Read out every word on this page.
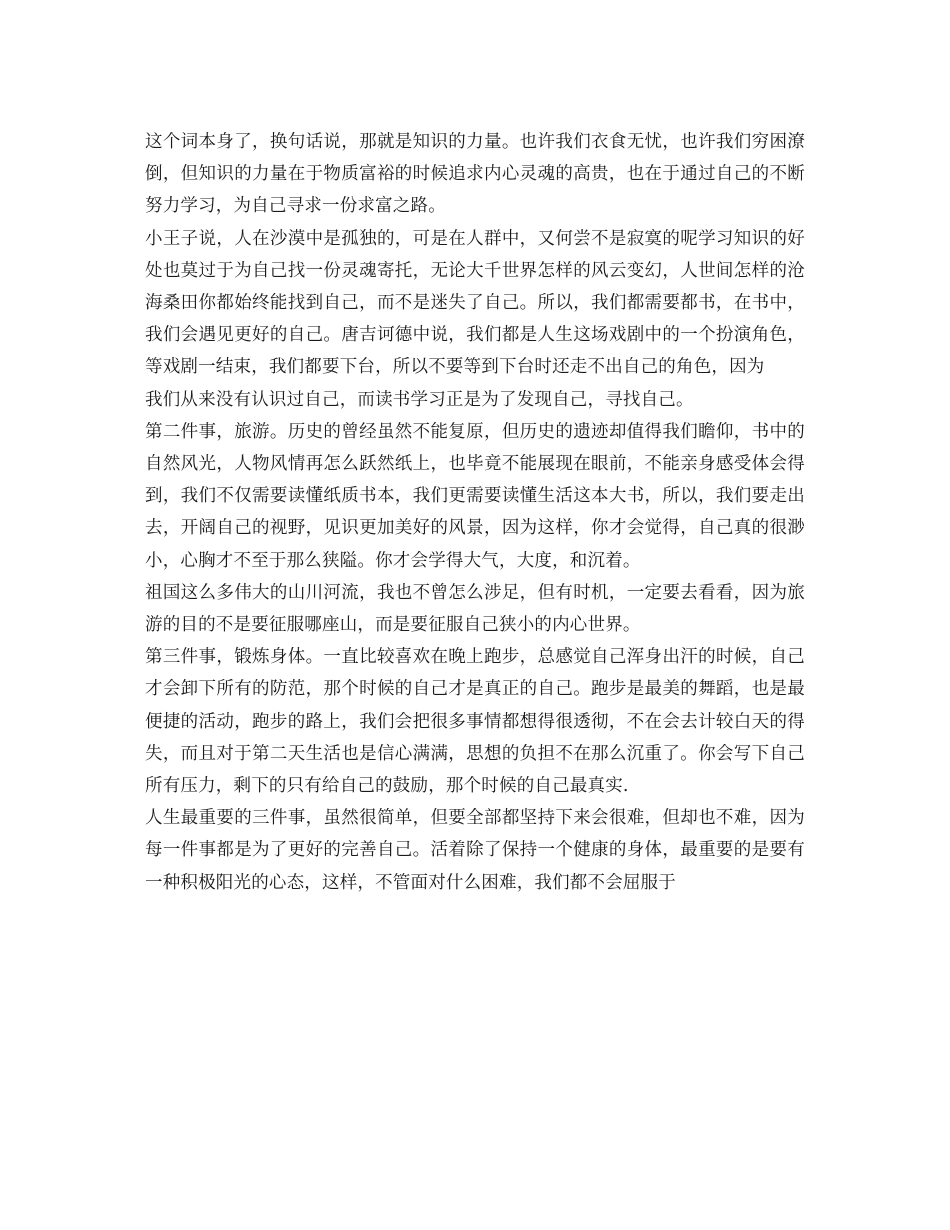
这个词本身了，换句话说，那就是知识的力量。也许我们衣食无忧，也许我们穷困潦倒，但知识的力量在于物质富裕的时候追求内心灵魂的高贵，也在于通过自己的不断努力学习，为自己寻求一份求富之路。

小王子说，人在沙漠中是孤独的，可是在人群中，又何尝不是寂寞的呢学习知识的好处也莫过于为自己找一份灵魂寄托，无论大千世界怎样的风云变幻，人世间怎样的沧海桑田你都始终能找到自己，而不是迷失了自己。所以，我们都需要都书，在书中，我们会遇见更好的自己。唐吉诃德中说，我们都是人生这场戏剧中的一个扮演角色，等戏剧一结束，我们都要下台，所以不要等到下台时还走不出自己的角色，因为

我们从来没有认识过自己，而读书学习正是为了发现自己，寻找自己。

第二件事，旅游。历史的曾经虽然不能复原，但历史的遗迹却值得我们瞻仰，书中的自然风光，人物风情再怎么跃然纸上，也毕竟不能展现在眼前，不能亲身感受体会得到，我们不仅需要读懂纸质书本，我们更需要读懂生活这本大书，所以，我们要走出去，开阔自己的视野，见识更加美好的风景，因为这样，你才会觉得，自己真的很渺小，心胸才不至于那么狭隘。你才会学得大气，大度，和沉着。

祖国这么多伟大的山川河流，我也不曾怎么涉足，但有时机，一定要去看看，因为旅游的目的不是要征服哪座山，而是要征服自己狭小的内心世界。

第三件事，锻炼身体。一直比较喜欢在晚上跑步，总感觉自己浑身出汗的时候，自己才会卸下所有的防范，那个时候的自己才是真正的自己。跑步是最美的舞蹈，也是最便捷的活动，跑步的路上，我们会把很多事情都想得很透彻，不在会去计较白天的得失，而且对于第二天生活也是信心满满，思想的负担不在那么沉重了。你会写下自己所有压力，剩下的只有给自己的鼓励，那个时候的自己最真实.

人生最重要的三件事，虽然很简单，但要全部都坚持下来会很难，但却也不难，因为每一件事都是为了更好的完善自己。活着除了保持一个健康的身体，最重要的是要有一种积极阳光的心态，这样，不管面对什么困难，我们都不会屈服于
